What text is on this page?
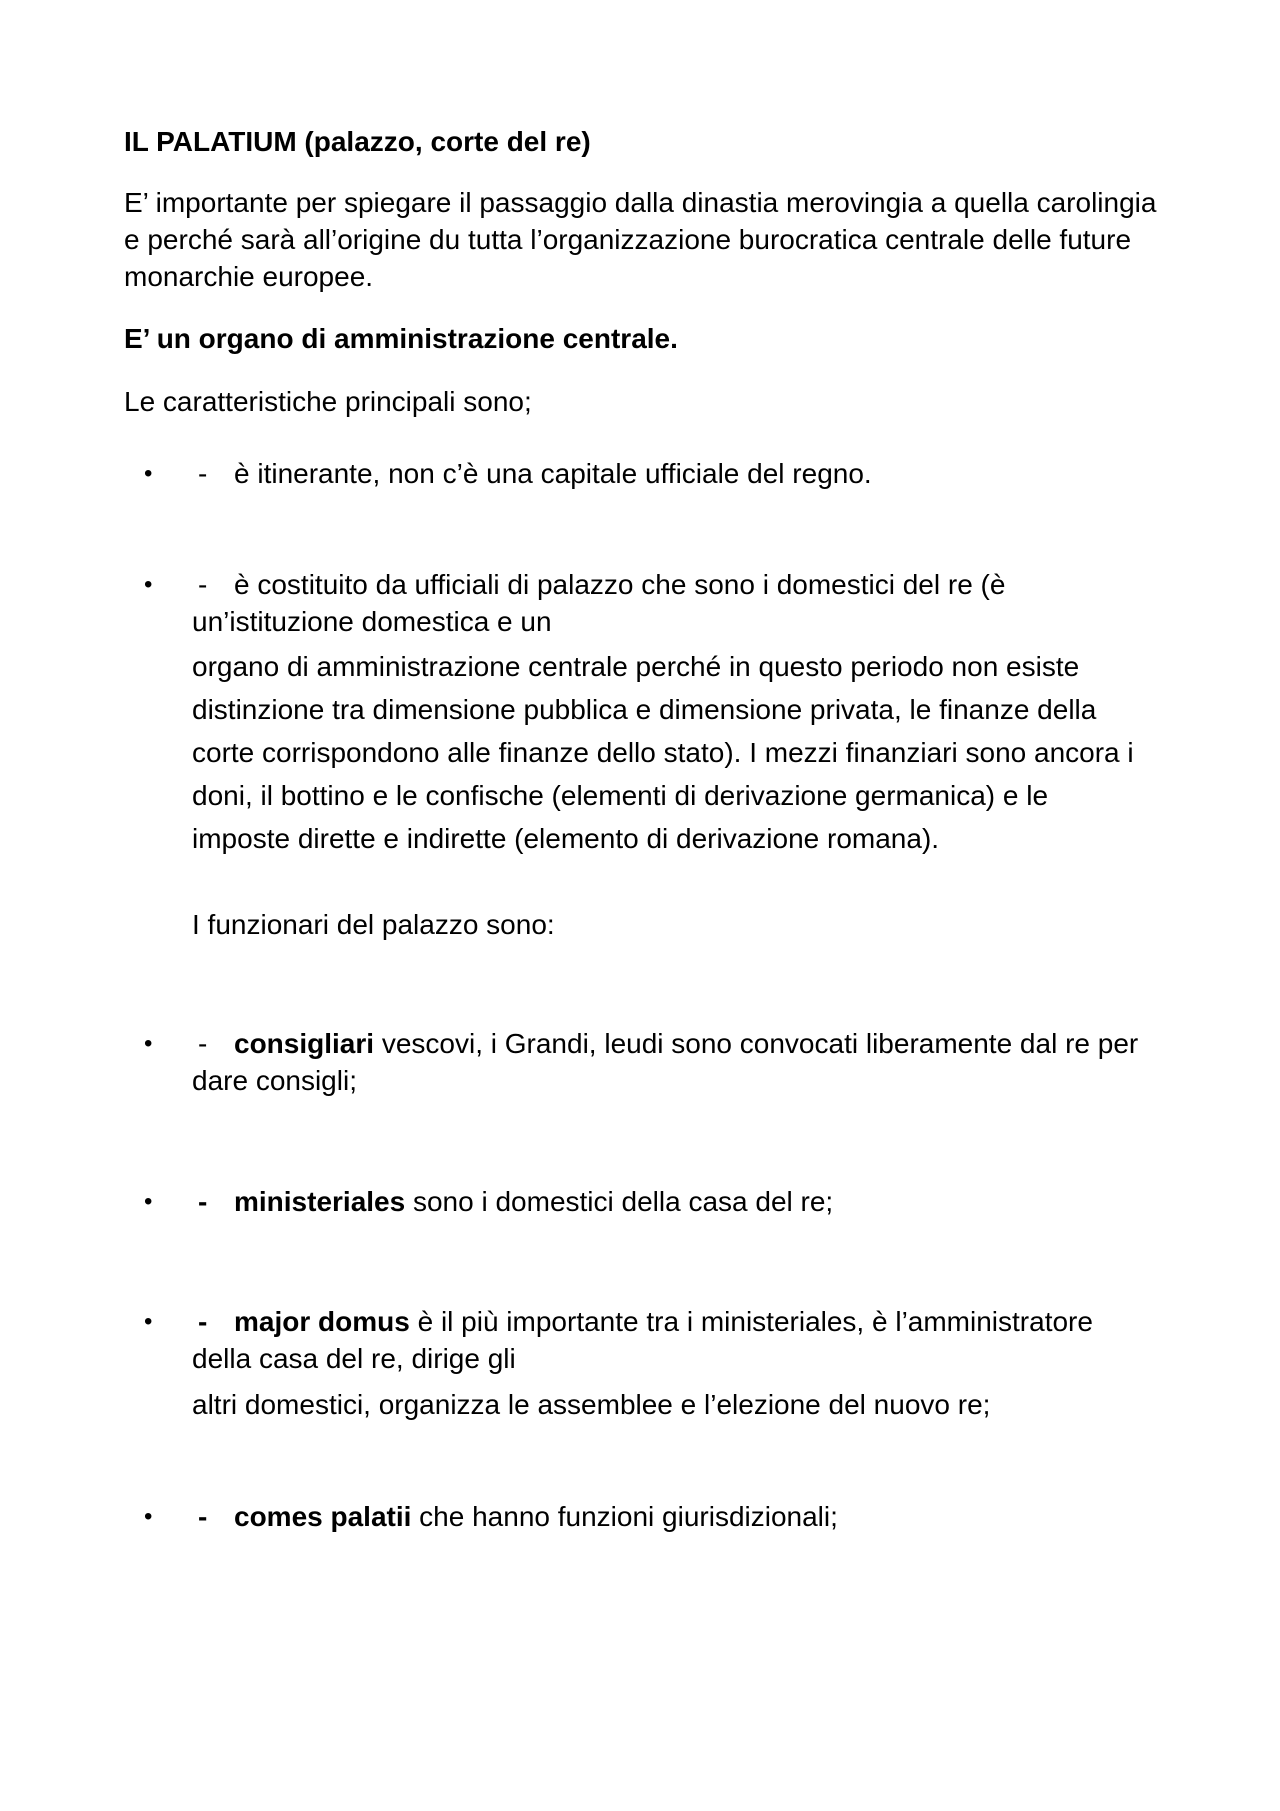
IL PALATIUM (palazzo, corte del re)

E’ importante per spiegare il passaggio dalla dinastia merovingia a quella carolingia e perché sarà all’origine du tutta l’organizzazione burocratica centrale delle future monarchie europee.

E’ un organo di amministrazione centrale.

Le caratteristiche principali sono;

• - è itinerante, non c’è una capitale ufficiale del regno.
• - è costituito da ufficiali di palazzo che sono i domestici del re (è un’istituzione domestica e un
organo di amministrazione centrale perché in questo periodo non esiste distinzione tra dimensione pubblica e dimensione privata, le finanze della corte corrispondono alle finanze dello stato). I mezzi finanziari sono ancora i doni, il bottino e le confische (elementi di derivazione germanica) e le imposte dirette e indirette (elemento di derivazione romana).
I funzionari del palazzo sono:
• - consigliari vescovi, i Grandi, leudi sono convocati liberamente dal re per dare consigli;
• - ministeriales sono i domestici della casa del re;
• - major domus è il più importante tra i ministeriales, è l’amministratore della casa del re, dirige gli
altri domestici, organizza le assemblee e l’elezione del nuovo re;
• - comes palatii che hanno funzioni giurisdizionali;
